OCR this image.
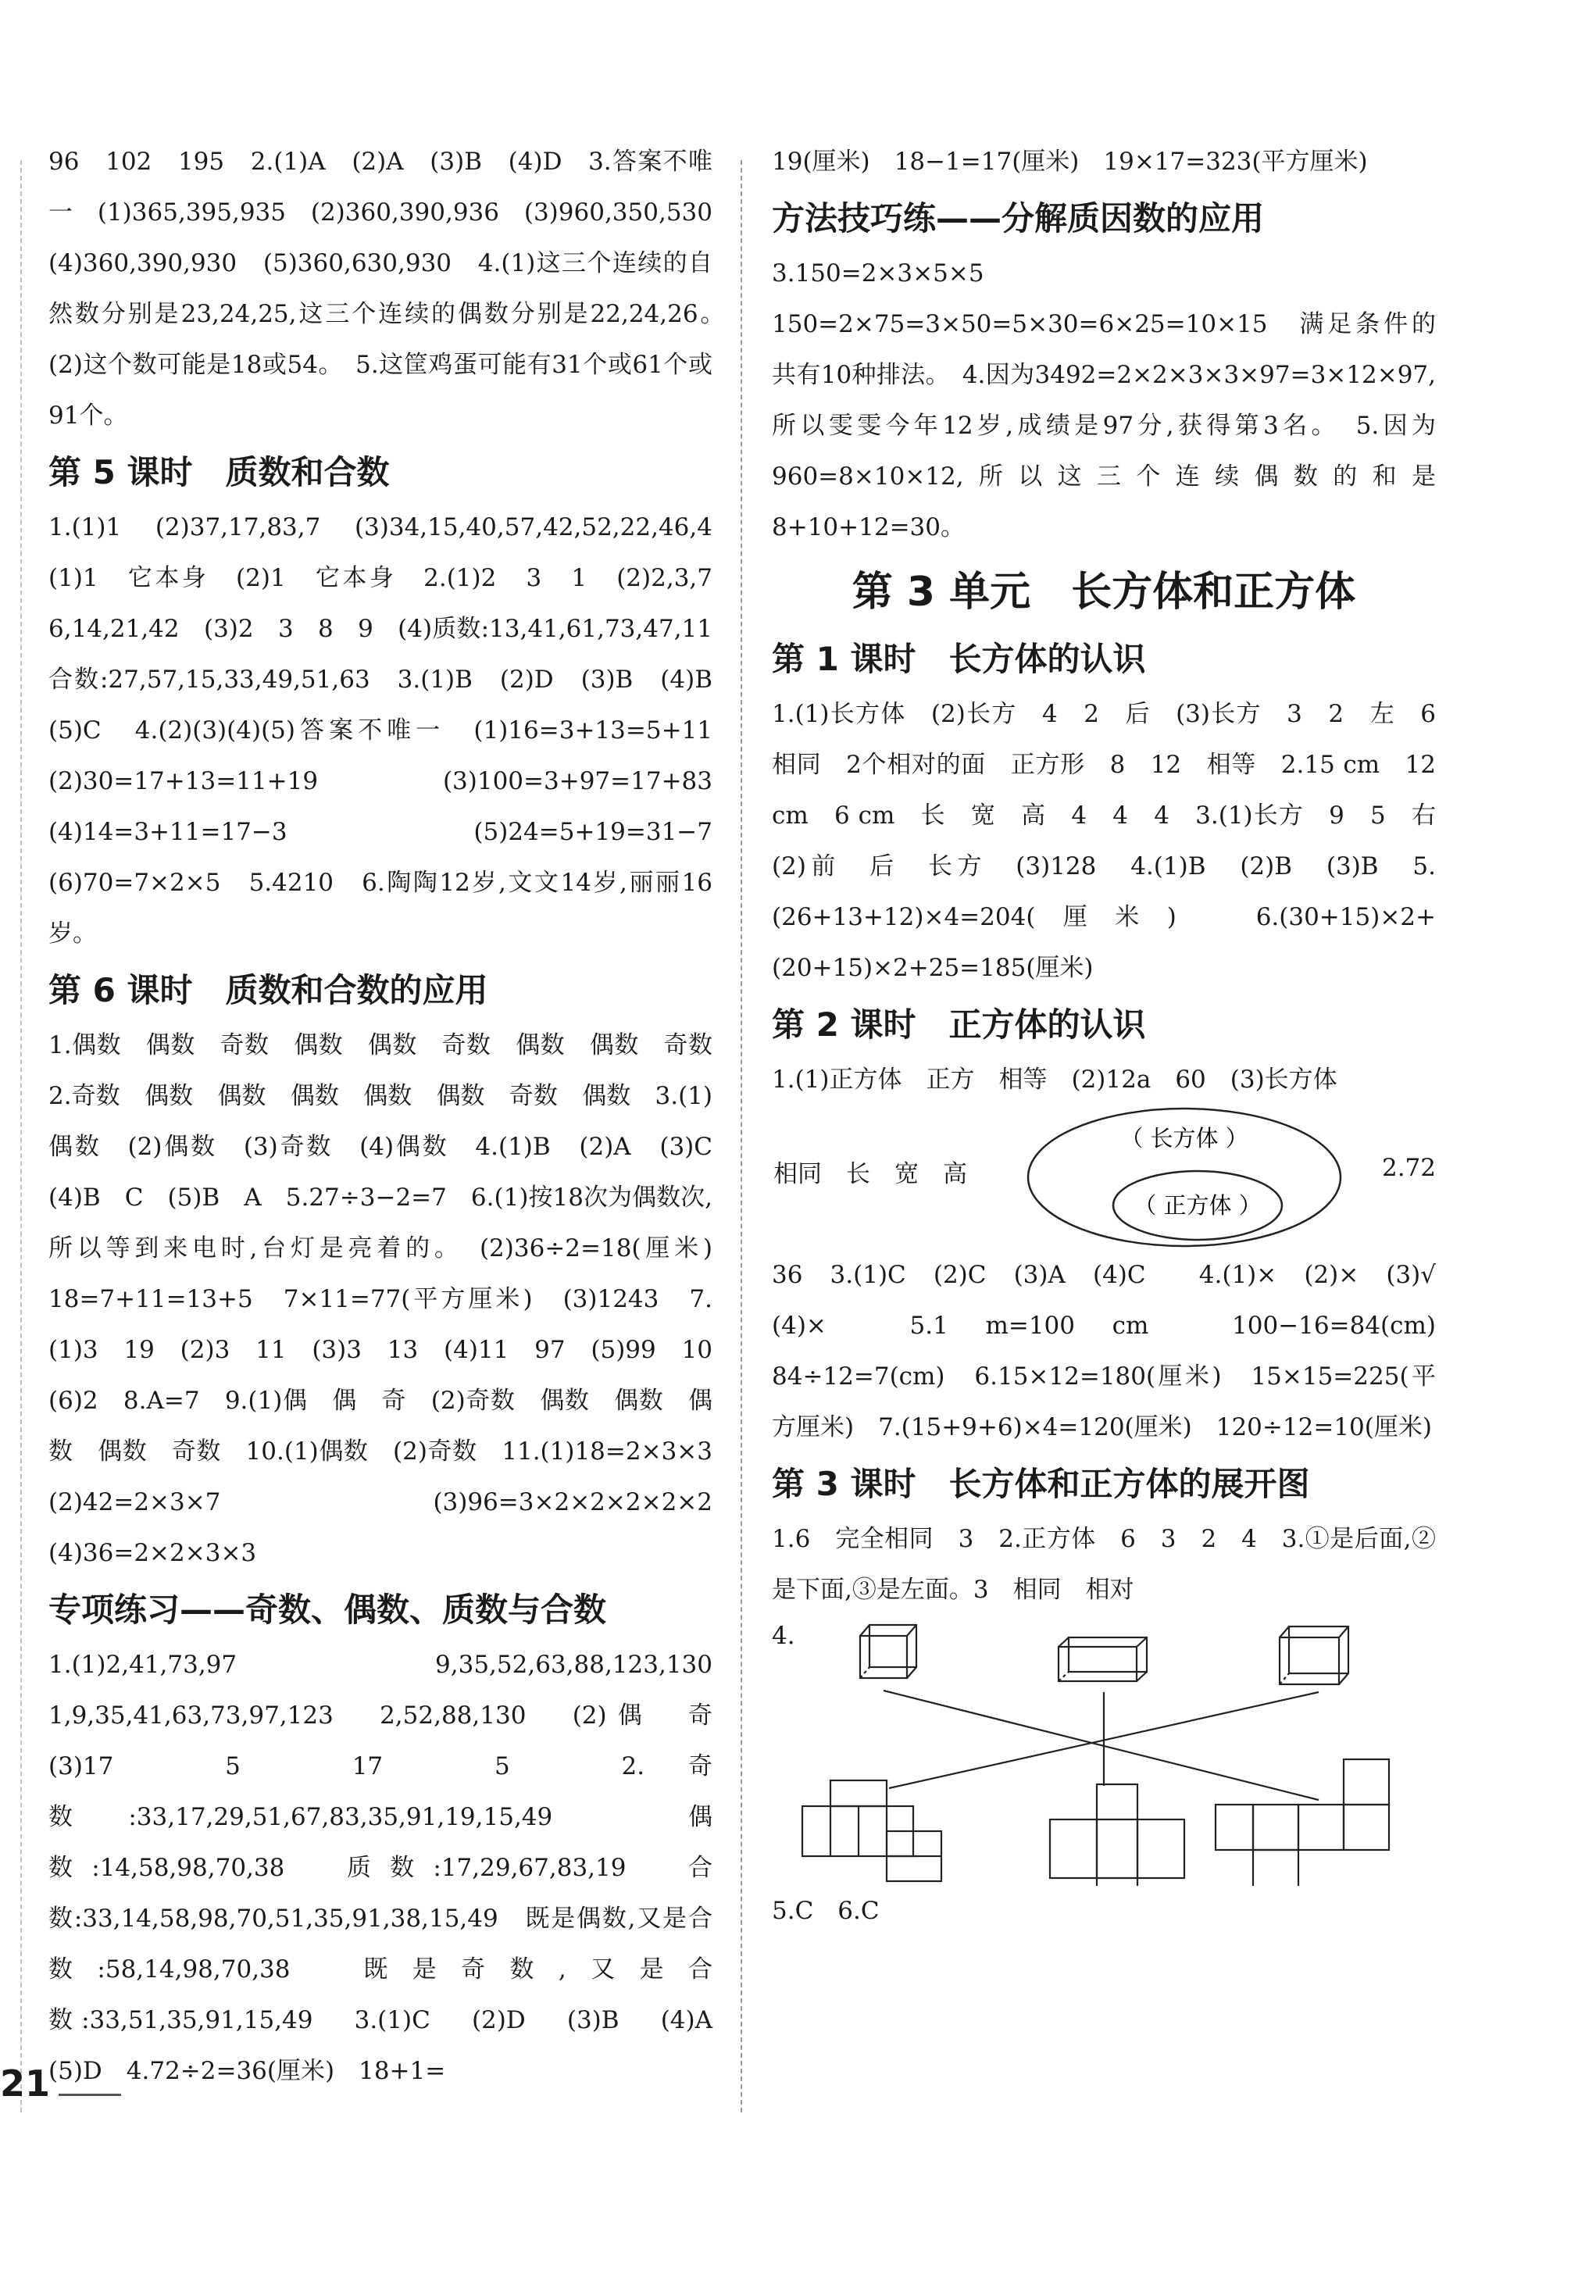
96　102　195　2.(1)A　(2)A　(3)B　(4)D　3.答案不唯一　(1)365,395,935　(2)360,390,936　(3)960,350,530　(4)360,390,930　(5)360,630,930　4.(1)这三个连续的自然数分别是23,24,25,这三个连续的偶数分别是22,24,26。　(2)这个数可能是18或54。　5.这筐鸡蛋可能有31个或61个或91个。

第 5 课时　质数和合数

1.(1)1　(2)37,17,83,7　(3)34,15,40,57,42,52,22,46,4　(1)1　它本身　(2)1　它本身　2.(1)2　3　1　(2)2,3,7　6,14,21,42　(3)2　3　8　9　(4)质数:13,41,61,73,47,11　合数:27,57,15,33,49,51,63　3.(1)B　(2)D　(3)B　(4)B　(5)C　4.(2)(3)(4)(5)答案不唯一　(1)16=3+13=5+11　(2)30=17+13=11+19　(3)100=3+97=17+83　(4)14=3+11=17−3　(5)24=5+19=31−7　(6)70=7×2×5　5.4210　6.陶陶12岁,文文14岁,丽丽16岁。

第 6 课时　质数和合数的应用

1.偶数　偶数　奇数　偶数　偶数　奇数　偶数　偶数　奇数　2.奇数　偶数　偶数　偶数　偶数　偶数　奇数　偶数　3.(1)偶数　(2)偶数　(3)奇数　(4)偶数　4.(1)B　(2)A　(3)C　(4)B　C　(5)B　A　5.27÷3−2=7　6.(1)按18次为偶数次,所以等到来电时,台灯是亮着的。　(2)36÷2=18(厘米)　18=7+11=13+5　7×11=77(平方厘米)　(3)1243　7.(1)3　19　(2)3　11　(3)3　13　(4)11　97　(5)99　10　(6)2　8.A=7　9.(1)偶　偶　奇　(2)奇数　偶数　偶数　偶数　偶数　奇数　10.(1)偶数　(2)奇数　11.(1)18=2×3×3　(2)42=2×3×7　(3)96=3×2×2×2×2×2　(4)36=2×2×3×3

专项练习——奇数、偶数、质数与合数

1.(1)2,41,73,97　9,35,52,63,88,123,130　1,9,35,41,63,73,97,123　2,52,88,130　(2)偶　奇　(3)17　5　17　5　2.奇数:33,17,29,51,67,83,35,91,19,15,49　偶数:14,58,98,70,38　质数:17,29,67,83,19　合数:33,14,58,98,70,51,35,91,38,15,49　既是偶数,又是合数:58,14,98,70,38　既是奇数,又是合数:33,51,35,91,15,49　3.(1)C　(2)D　(3)B　(4)A　(5)D　4.72÷2=36(厘米)　18+1=

19(厘米)　18−1=17(厘米)　19×17=323(平方厘米)

方法技巧练——分解质因数的应用

3.150=2×3×5×5　150=2×75=3×50=5×30=6×25=10×15　满足条件的共有10种排法。　4.因为3492=2×2×3×3×97=3×12×97,所以雯雯今年12岁,成绩是97分,获得第3名。　5.因为960=8×10×12,所以这三个连续偶数的和是8+10+12=30。

第 3 单元　长方体和正方体
第 1 课时　长方体的认识

1.(1)长方体　(2)长方　4　2　后　(3)长方　3　2　左　6　相同　2个相对的面　正方形　8　12　相等　2.15 cm　12 cm　6 cm　长　宽　高　4　4　4　3.(1)长方　9　5　右　(2)前　后　长方　(3)128　4.(1)B　(2)B　(3)B　5.(26+13+12)×4=204(厘米)　6.(30+15)×2+(20+15)×2+25=185(厘米)

第 2 课时　正方体的认识

1.(1)正方体　正方　相等　(2)12a　60　(3)长方体

相同　长　宽　高
（ 长方体 ）
（ 正方体 ）
2.72

36　3.(1)C　(2)C　(3)A　(4)C　　4.(1)×　(2)×　(3)√　(4)×　5.1 m=100 cm　100−16=84(cm)　84÷12=7(cm)　6.15×12=180(厘米)　15×15=225(平方厘米)　7.(15+9+6)×4=120(厘米)　120÷12=10(厘米)

第 3 课时　长方体和正方体的展开图

1.6　完全相同　3　2.正方体　6　3　2　4　3.①是后面,②是下面,③是左面。3　相同　相对

4.

5.C　6.C

21
